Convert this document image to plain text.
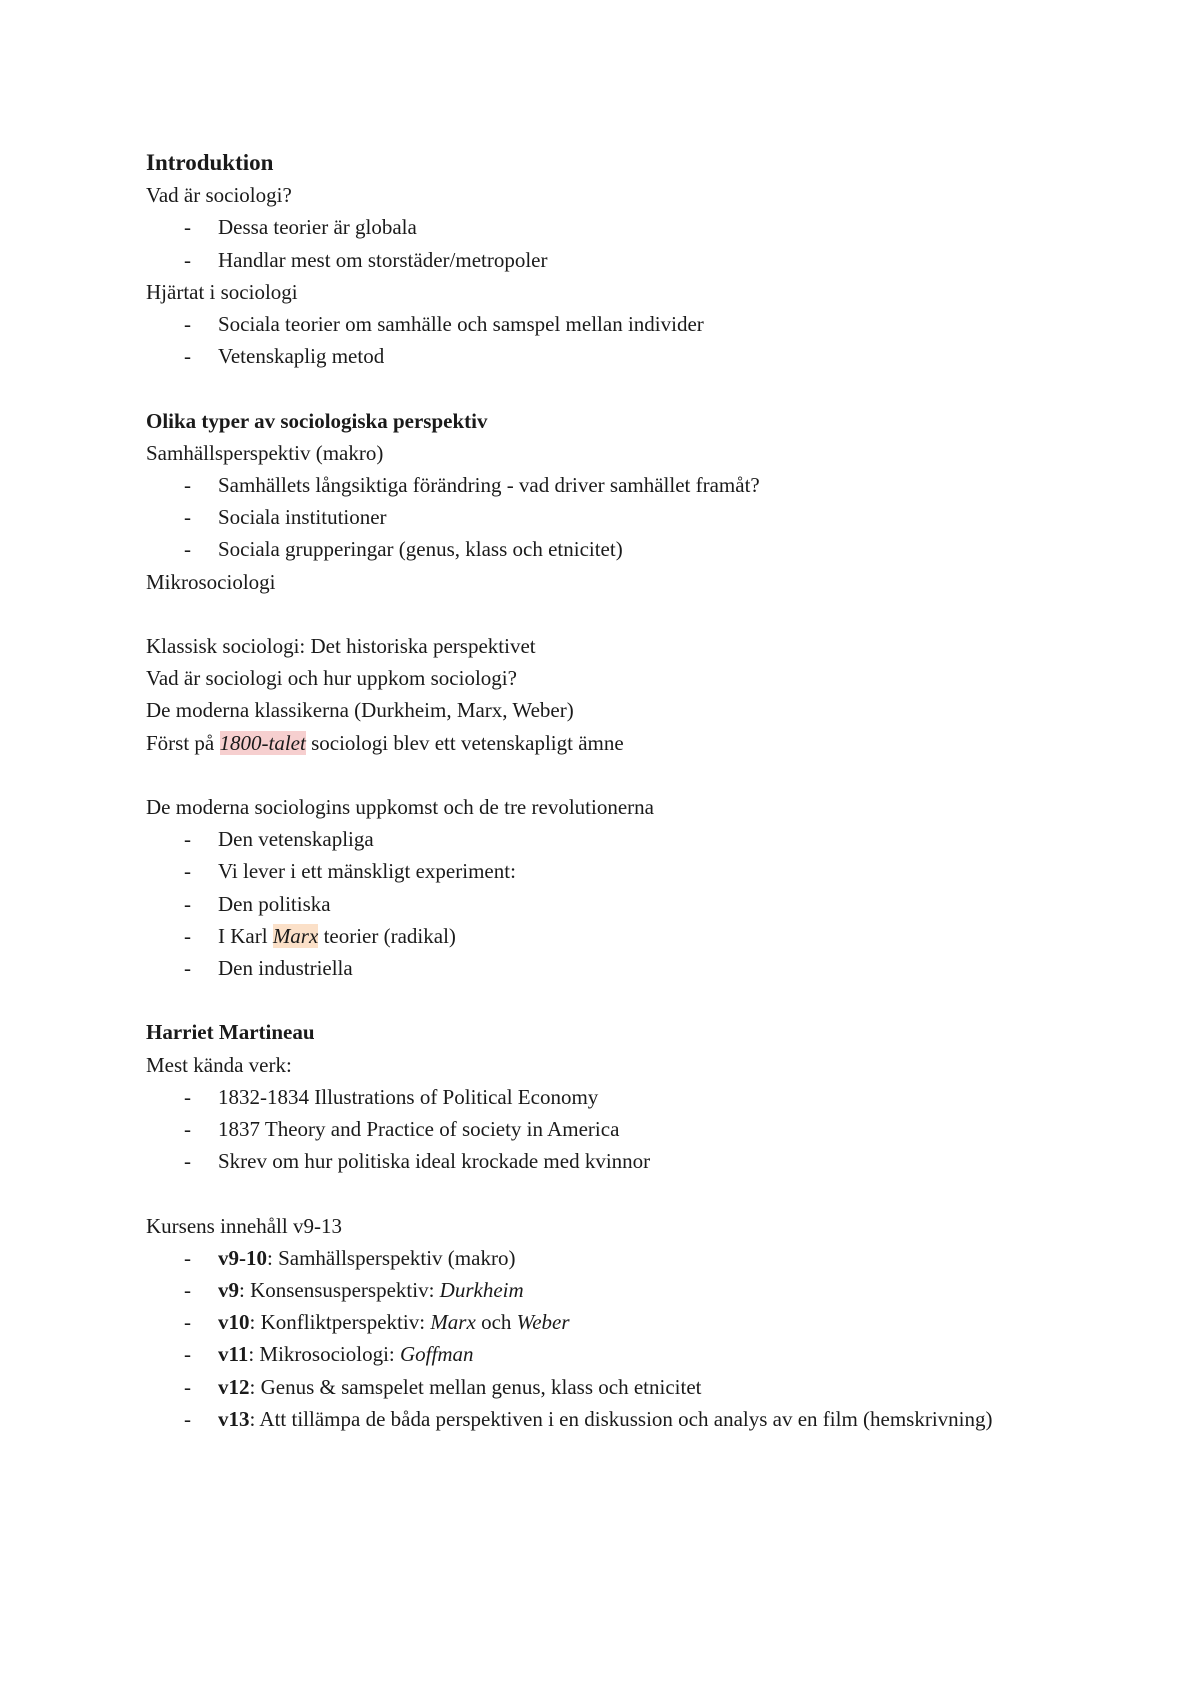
Introduktion

Vad är sociologi?

- Dessa teorier är globala
- Handlar mest om storstäder/metropoler

Hjärtat i sociologi

- Sociala teorier om samhälle och samspel mellan individer
- Vetenskaplig metod

Olika typer av sociologiska perspektiv

Samhällsperspektiv (makro)

- Samhällets långsiktiga förändring - vad driver samhället framåt?
- Sociala institutioner
- Sociala grupperingar (genus, klass och etnicitet)

Mikrosociologi

Klassisk sociologi: Det historiska perspektivet

Vad är sociologi och hur uppkom sociologi?

De moderna klassikerna (Durkheim, Marx, Weber)

Först på 1800-talet sociologi blev ett vetenskapligt ämne

De moderna sociologins uppkomst och de tre revolutionerna

- Den vetenskapliga
- Vi lever i ett mänskligt experiment:
- Den politiska
- I Karl Marx teorier (radikal)
- Den industriella

Harriet Martineau

Mest kända verk:

- 1832-1834 Illustrations of Political Economy
- 1837 Theory and Practice of society in America
- Skrev om hur politiska ideal krockade med kvinnor

Kursens innehåll v9-13

- v9-10: Samhällsperspektiv (makro)
- v9: Konsensusperspektiv: Durkheim
- v10: Konfliktperspektiv: Marx och Weber
- v11: Mikrosociologi: Goffman
- v12: Genus & samspelet mellan genus, klass och etnicitet
- v13: Att tillämpa de båda perspektiven i en diskussion och analys av en film (hemskrivning)
